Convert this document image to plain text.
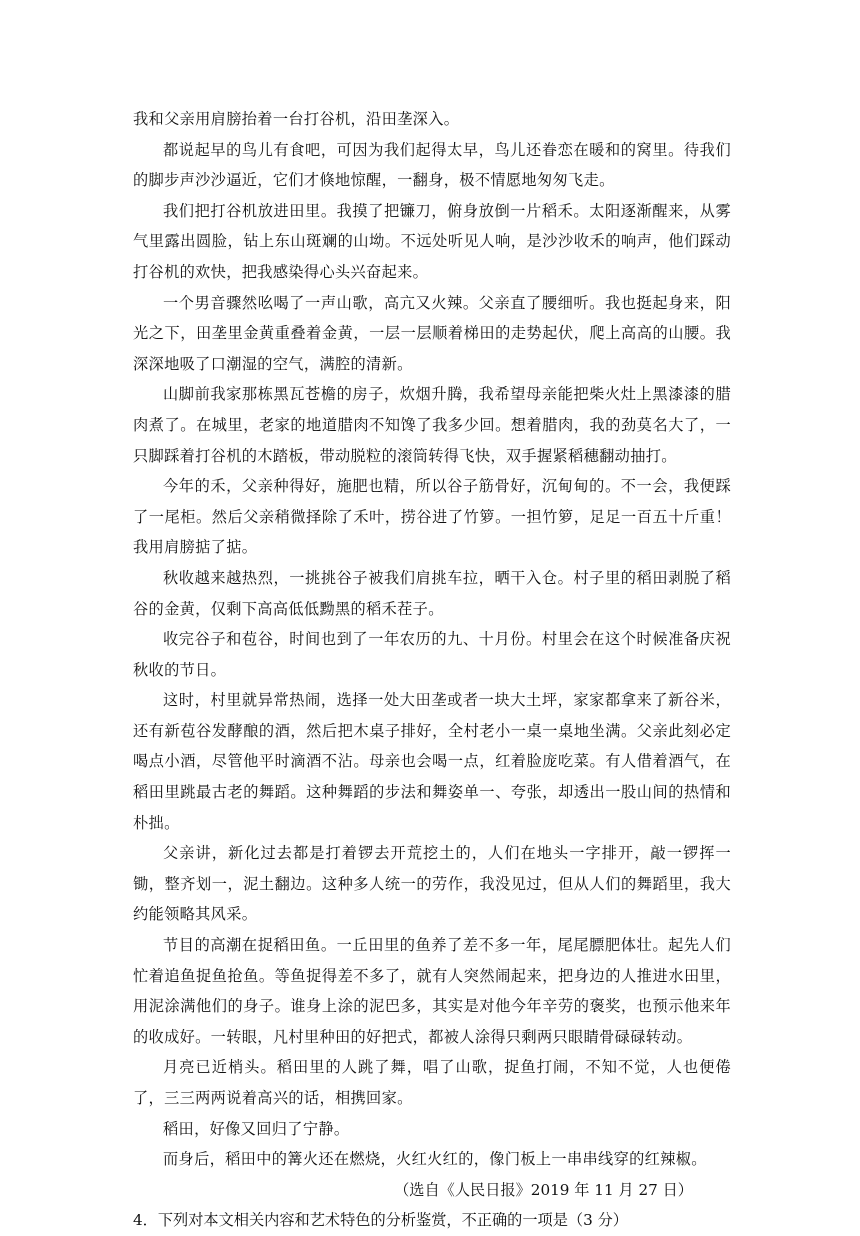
我和父亲用肩膀抬着一台打谷机，沿田垄深入。

都说起早的鸟儿有食吧，可因为我们起得太早，鸟儿还眷恋在暖和的窝里。待我们的脚步声沙沙逼近，它们才倏地惊醒，一翻身，极不情愿地匆匆飞走。

我们把打谷机放进田里。我摸了把镰刀，俯身放倒一片稻禾。太阳逐渐醒来，从雾气里露出圆脸，钻上东山斑斓的山坳。不远处听见人响，是沙沙收禾的响声，他们踩动打谷机的欢快，把我感染得心头兴奋起来。

一个男音骤然吆喝了一声山歌，高亢又火辣。父亲直了腰细听。我也挺起身来，阳光之下，田垄里金黄重叠着金黄，一层一层顺着梯田的走势起伏，爬上高高的山腰。我深深地吸了口潮湿的空气，满腔的清新。

山脚前我家那栋黑瓦苍檐的房子，炊烟升腾，我希望母亲能把柴火灶上黑漆漆的腊肉煮了。在城里，老家的地道腊肉不知馋了我多少回。想着腊肉，我的劲莫名大了，一只脚踩着打谷机的木踏板，带动脱粒的滚筒转得飞快，双手握紧稻穗翻动抽打。

今年的禾，父亲种得好，施肥也精，所以谷子筋骨好，沉甸甸的。不一会，我便踩了一尾柜。然后父亲稍微择除了禾叶，捞谷进了竹箩。一担竹箩，足足一百五十斤重！我用肩膀掂了掂。

秋收越来越热烈，一挑挑谷子被我们肩挑车拉，晒干入仓。村子里的稻田剥脱了稻谷的金黄，仅剩下高高低低黝黑的稻禾茬子。

收完谷子和苞谷，时间也到了一年农历的九、十月份。村里会在这个时候准备庆祝秋收的节日。

这时，村里就异常热闹，选择一处大田垄或者一块大土坪，家家都拿来了新谷米，还有新苞谷发酵酿的酒，然后把木桌子排好，全村老小一桌一桌地坐满。父亲此刻必定喝点小酒，尽管他平时滴酒不沾。母亲也会喝一点，红着脸庞吃菜。有人借着酒气，在稻田里跳最古老的舞蹈。这种舞蹈的步法和舞姿单一、夸张，却透出一股山间的热情和朴拙。

父亲讲，新化过去都是打着锣去开荒挖土的，人们在地头一字排开，敲一锣挥一锄，整齐划一，泥土翻边。这种多人统一的劳作，我没见过，但从人们的舞蹈里，我大约能领略其风采。

节目的高潮在捉稻田鱼。一丘田里的鱼养了差不多一年，尾尾膘肥体壮。起先人们忙着追鱼捉鱼抢鱼。等鱼捉得差不多了，就有人突然闹起来，把身边的人推进水田里，用泥涂满他们的身子。谁身上涂的泥巴多，其实是对他今年辛劳的褒奖，也预示他来年的收成好。一转眼，凡村里种田的好把式，都被人涂得只剩两只眼睛骨碌碌转动。

月亮已近梢头。稻田里的人跳了舞，唱了山歌，捉鱼打闹，不知不觉，人也便倦了，三三两两说着高兴的话，相携回家。

稻田，好像又回归了宁静。

而身后，稻田中的篝火还在燃烧，火红火红的，像门板上一串串线穿的红辣椒。

（选自《人民日报》2019 年 11 月 27 日）

4．下列对本文相关内容和艺术特色的分析鉴赏，不正确的一项是（3 分）
